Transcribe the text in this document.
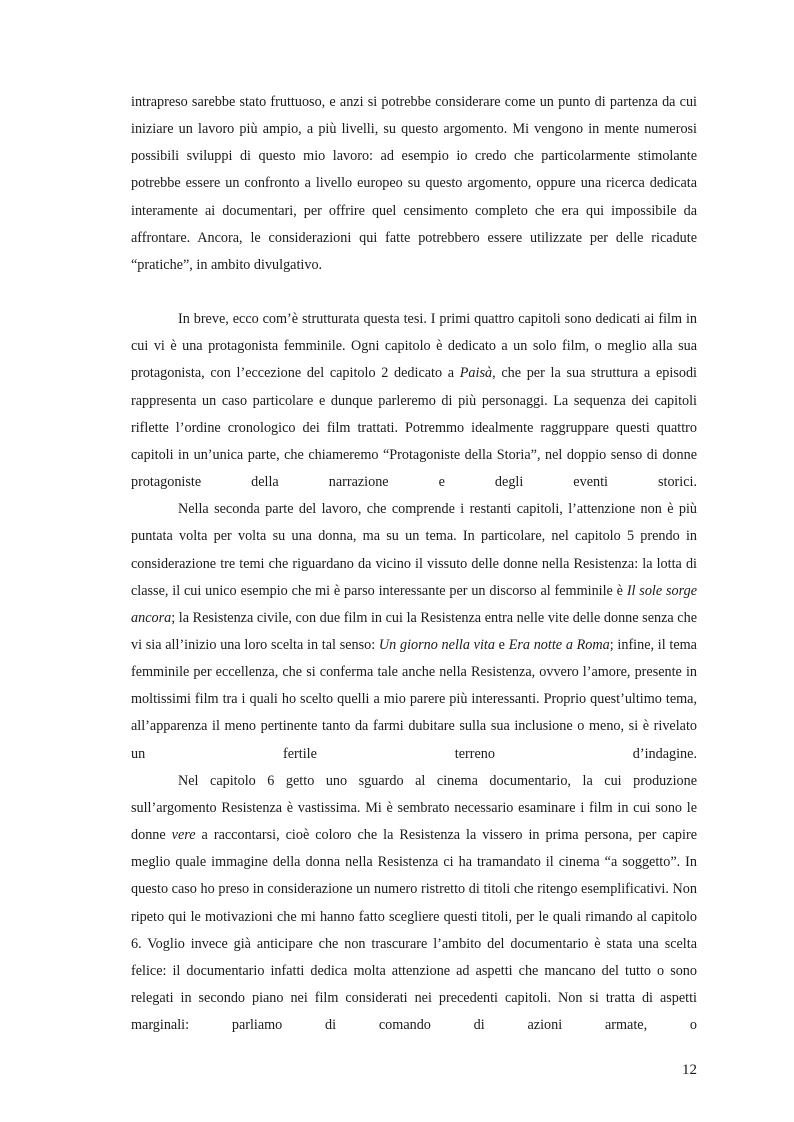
intrapreso sarebbe stato fruttuoso, e anzi si potrebbe considerare come un punto di partenza da cui iniziare un lavoro più ampio, a più livelli, su questo argomento. Mi vengono in mente numerosi possibili sviluppi di questo mio lavoro: ad esempio io credo che particolarmente stimolante potrebbe essere un confronto a livello europeo su questo argomento, oppure una ricerca dedicata interamente ai documentari, per offrire quel censimento completo che era qui impossibile da affrontare. Ancora, le considerazioni qui fatte potrebbero essere utilizzate per delle ricadute “pratiche”, in ambito divulgativo.

In breve, ecco com’è strutturata questa tesi. I primi quattro capitoli sono dedicati ai film in cui vi è una protagonista femminile. Ogni capitolo è dedicato a un solo film, o meglio alla sua protagonista, con l’eccezione del capitolo 2 dedicato a Paisà, che per la sua struttura a episodi rappresenta un caso particolare e dunque parleremo di più personaggi. La sequenza dei capitoli riflette l’ordine cronologico dei film trattati. Potremmo idealmente raggruppare questi quattro capitoli in un’unica parte, che chiameremo “Protagoniste della Storia”, nel doppio senso di donne protagoniste della narrazione e degli eventi storici.

Nella seconda parte del lavoro, che comprende i restanti capitoli, l’attenzione non è più puntata volta per volta su una donna, ma su un tema. In particolare, nel capitolo 5 prendo in considerazione tre temi che riguardano da vicino il vissuto delle donne nella Resistenza: la lotta di classe, il cui unico esempio che mi è parso interessante per un discorso al femminile è Il sole sorge ancora; la Resistenza civile, con due film in cui la Resistenza entra nelle vite delle donne senza che vi sia all’inizio una loro scelta in tal senso: Un giorno nella vita e Era notte a Roma; infine, il tema femminile per eccellenza, che si conferma tale anche nella Resistenza, ovvero l’amore, presente in moltissimi film tra i quali ho scelto quelli a mio parere più interessanti. Proprio quest’ultimo tema, all’apparenza il meno pertinente tanto da farmi dubitare sulla sua inclusione o meno, si è rivelato un fertile terreno d’indagine.

Nel capitolo 6 getto uno sguardo al cinema documentario, la cui produzione sull’argomento Resistenza è vastissima. Mi è sembrato necessario esaminare i film in cui sono le donne vere a raccontarsi, cioè coloro che la Resistenza la vissero in prima persona, per capire meglio quale immagine della donna nella Resistenza ci ha tramandato il cinema “a soggetto”. In questo caso ho preso in considerazione un numero ristretto di titoli che ritengo esemplificativi. Non ripeto qui le motivazioni che mi hanno fatto scegliere questi titoli, per le quali rimando al capitolo 6. Voglio invece già anticipare che non trascurare l’ambito del documentario è stata una scelta felice: il documentario infatti dedica molta attenzione ad aspetti che mancano del tutto o sono relegati in secondo piano nei film considerati nei precedenti capitoli. Non si tratta di aspetti marginali: parliamo di comando di azioni armate, o

12
